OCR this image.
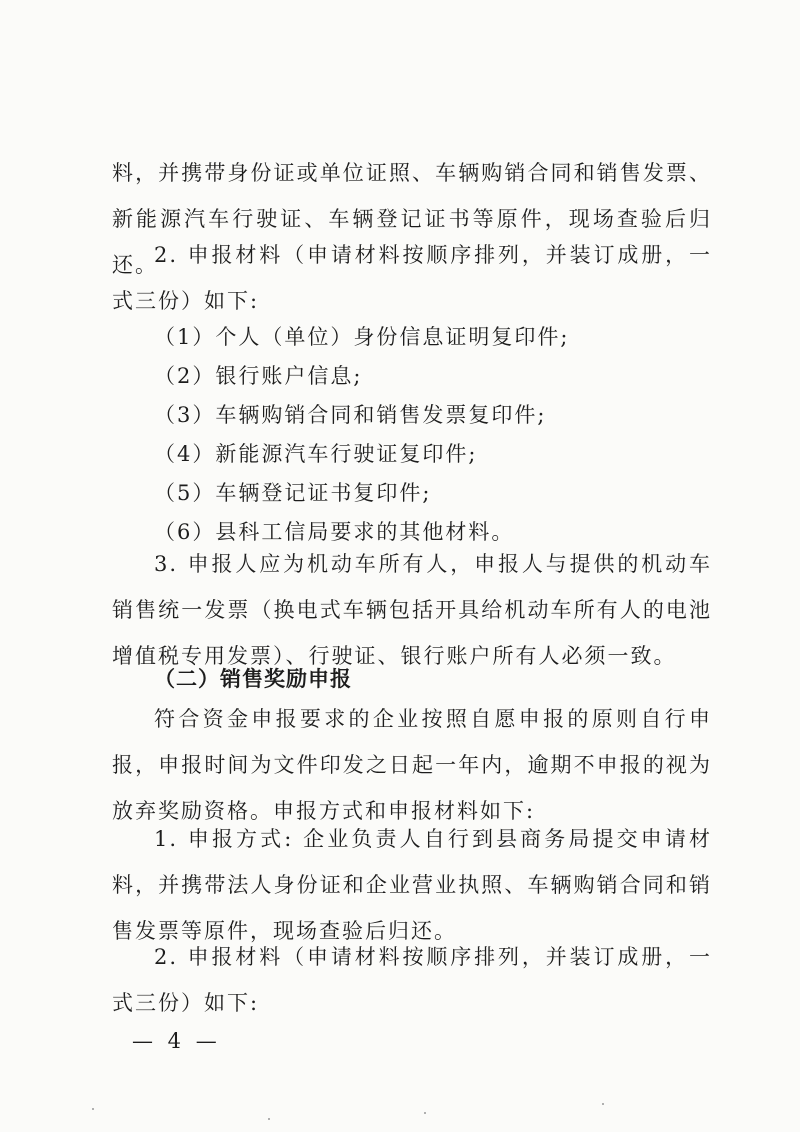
料，并携带身份证或单位证照、车辆购销合同和销售发票、新能源汽车行驶证、车辆登记证书等原件，现场查验后归还。

2. 申报材料（申请材料按顺序排列，并装订成册，一式三份）如下:

（1）个人（单位）身份信息证明复印件;

（2）银行账户信息;

（3）车辆购销合同和销售发票复印件;

（4）新能源汽车行驶证复印件;

（5）车辆登记证书复印件;

（6）县科工信局要求的其他材料。

3. 申报人应为机动车所有人，申报人与提供的机动车销售统一发票（换电式车辆包括开具给机动车所有人的电池增值税专用发票）、行驶证、银行账户所有人必须一致。

（二）销售奖励申报

符合资金申报要求的企业按照自愿申报的原则自行申报，申报时间为文件印发之日起一年内，逾期不申报的视为放弃奖励资格。申报方式和申报材料如下:

1. 申报方式: 企业负责人自行到县商务局提交申请材料，并携带法人身份证和企业营业执照、车辆购销合同和销售发票等原件，现场查验后归还。

2. 申报材料（申请材料按顺序排列，并装订成册，一式三份）如下:

— 4 —
